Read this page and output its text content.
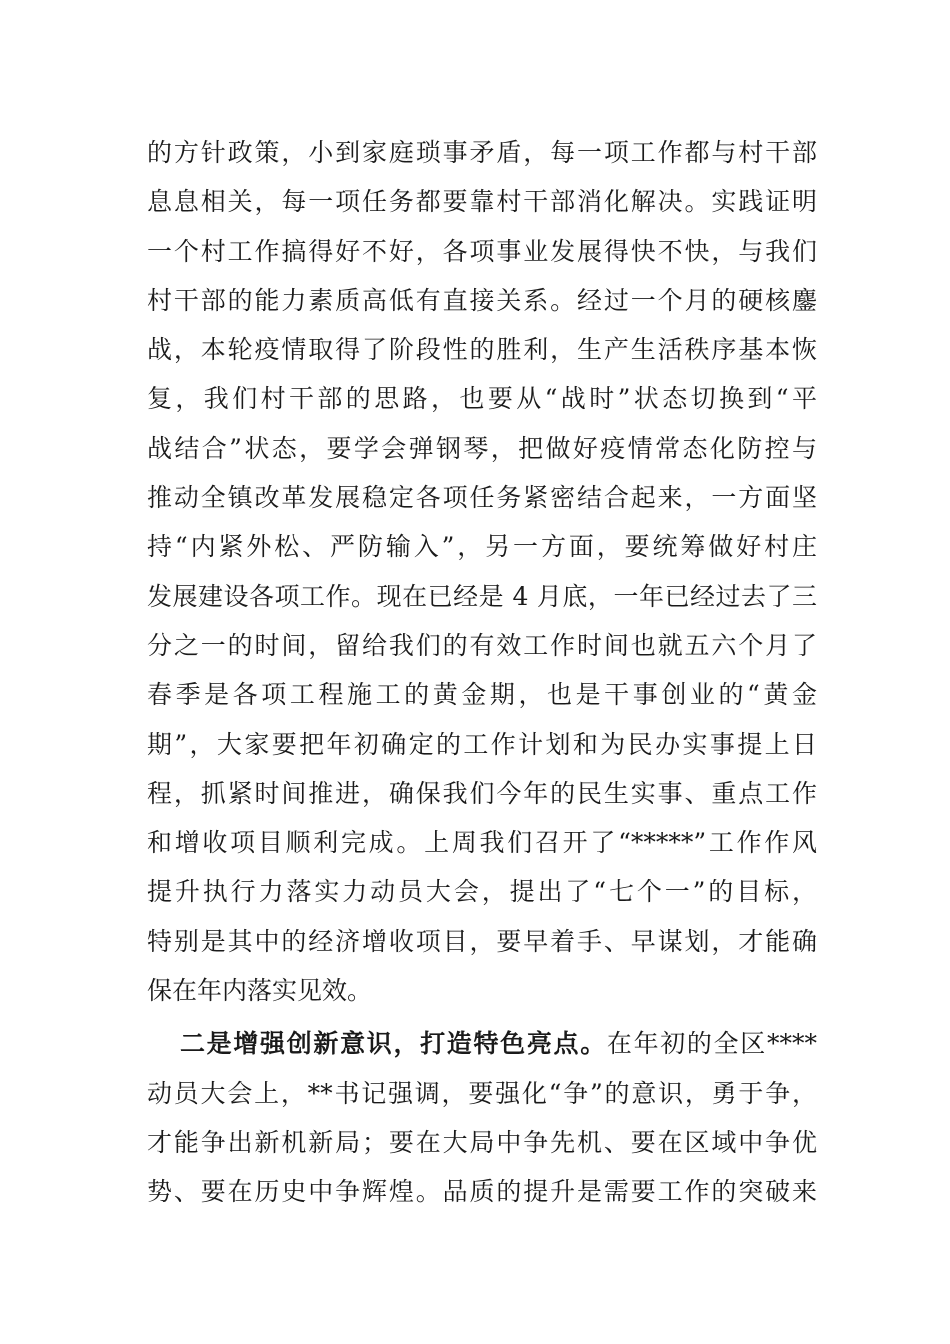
的方针政策，小到家庭琐事矛盾，每一项工作都与村干部
息息相关，每一项任务都要靠村干部消化解决。实践证明
一个村工作搞得好不好，各项事业发展得快不快，与我们
村干部的能力素质高低有直接关系。经过一个月的硬核鏖
战，本轮疫情取得了阶段性的胜利，生产生活秩序基本恢
复，我们村干部的思路，也要从“战时”状态切换到“平
战结合”状态，要学会弹钢琴，把做好疫情常态化防控与
推动全镇改革发展稳定各项任务紧密结合起来，一方面坚
持“内紧外松、严防输入”，另一方面，要统筹做好村庄
发展建设各项工作。现在已经是 4 月底，一年已经过去了三
分之一的时间，留给我们的有效工作时间也就五六个月了
春季是各项工程施工的黄金期，也是干事创业的“黄金
期”，大家要把年初确定的工作计划和为民办实事提上日
程，抓紧时间推进，确保我们今年的民生实事、重点工作
和增收项目顺利完成。上周我们召开了“*****”工作作风
提升执行力落实力动员大会，提出了“七个一”的目标，
特别是其中的经济增收项目，要早着手、早谋划，才能确
保在年内落实见效。
二是增强创新意识，打造特色亮点。在年初的全区****
动员大会上，**书记强调，要强化“争”的意识，勇于争，
才能争出新机新局；要在大局中争先机、要在区域中争优
势、要在历史中争辉煌。品质的提升是需要工作的突破来
